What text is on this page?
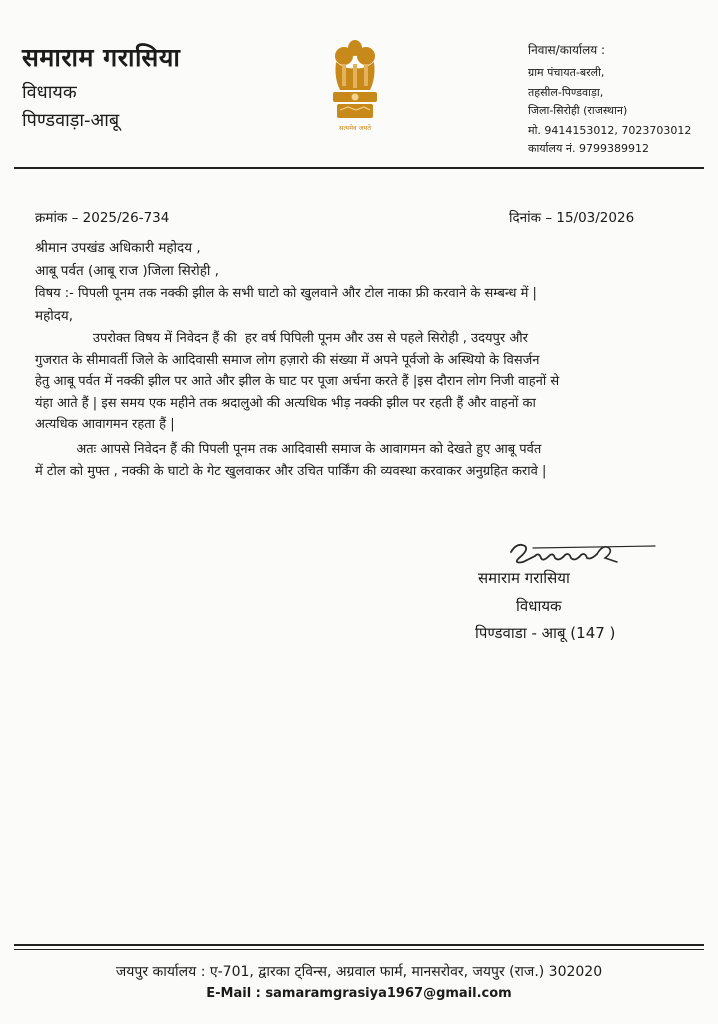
समाराम गरासिया
विधायक
पिण्डवाड़ा-आबू	सत्यमेव जयते
निवास/कार्यालय :
ग्राम पंचायत-बरली,
तहसील-पिण्डवाड़ा,
जिला-सिरोही (राजस्थान)
मो. 9414153012, 7023703012
कार्यालय नं. 9799389912
क्रमांक – 2025/26-734	दिनांक – 15/03/2026
श्रीमान उपखंड अधिकारी महोदय ,
आबू पर्वत (आबू राज )जिला सिरोही ,
विषय :- पिपली पूनम तक नक्की झील के सभी घाटो को खुलवाने और टोल नाका फ्री करवाने के सम्बन्ध में |
महोदय,
उपरोक्त विषय में निवेदन हैं की  हर वर्ष पिपिली पूनम और उस से पहले सिरोही , उदयपुर और
गुजरात के सीमावर्ती जिले के आदिवासी समाज लोग हज़ारो की संख्या में अपने पूर्वजो के अस्थियो के विसर्जन
हेतु आबू पर्वत में नक्की झील पर आते और झील के घाट पर पूजा अर्चना करते हैं |इस दौरान लोग निजी वाहनों से
यंहा आते हैं | इस समय एक महीने तक श्रदालुओ की अत्यधिक भीड़ नक्की झील पर रहती हैं और वाहनों का
अत्यधिक आवागमन रहता हैं |
अतः आपसे निवेदन हैं की पिपली पूनम तक आदिवासी समाज के आवागमन को देखते हुए आबू पर्वत
में टोल को मुफ्त , नक्की के घाटो के गेट खुलवाकर और उचित पार्किंग की व्यवस्था करवाकर अनुग्रहित करावे |
समाराम गरासिया
विधायक
पिण्डवाडा - आबू (147 )
जयपुर कार्यालय : ए-701, द्वारका ट्विन्स, अग्रवाल फार्म, मानसरोवर, जयपुर (राज.) 302020
E-Mail : samaramgrasiya1967@gmail.com
